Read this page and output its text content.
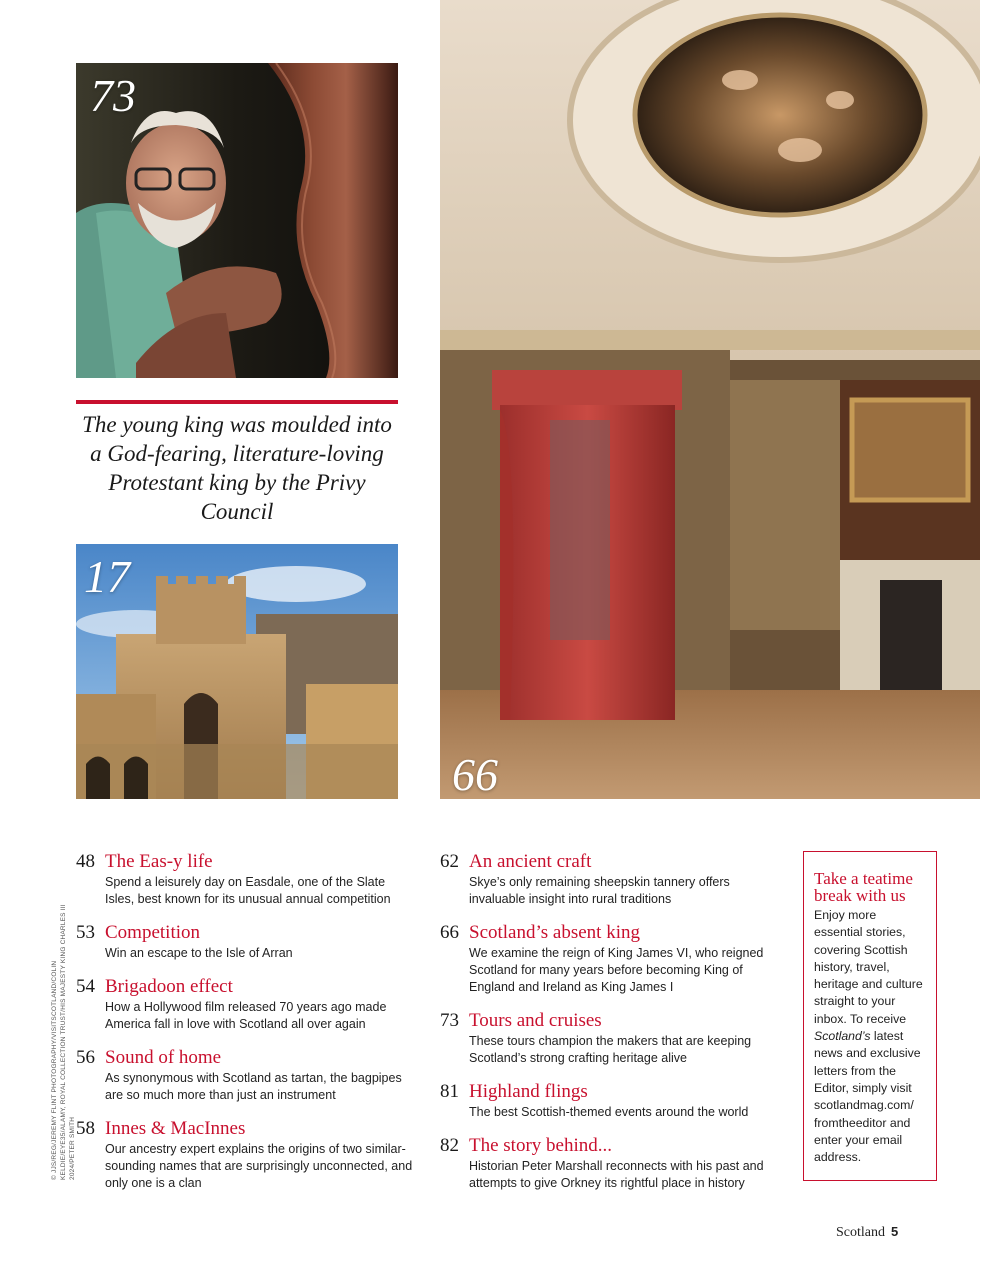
73
The young king was moulded into a God-fearing, literature-loving Protestant king by the Privy Council
17
66
© JJS/REG/JEREMY FLINT PHOTOGRAPHY/VISITSCOTLAND/COLIN KELDIE/EYE35/ALAMY, ROYAL COLLECTION TRUST/HIS MAJESTY KING CHARLES III 2024/PETER SMITH
48 The Eas-y life
Spend a leisurely day on Easdale, one of the Slate Isles, best known for its unusual annual competition
53 Competition
Win an escape to the Isle of Arran
54 Brigadoon effect
How a Hollywood film released 70 years ago made America fall in love with Scotland all over again
56 Sound of home
As synonymous with Scotland as tartan, the bagpipes are so much more than just an instrument
58 Innes & MacInnes
Our ancestry expert explains the origins of two similar-sounding names that are surprisingly unconnected, and only one is a clan
62 An ancient craft
Skye’s only remaining sheepskin tannery offers invaluable insight into rural traditions
66 Scotland’s absent king
We examine the reign of King James VI, who reigned Scotland for many years before becoming King of England and Ireland as King James I
73 Tours and cruises
These tours champion the makers that are keeping Scotland’s strong crafting heritage alive
81 Highland flings
The best Scottish-themed events around the world
82 The story behind...
Historian Peter Marshall reconnects with his past and attempts to give Orkney its rightful place in history
Take a teatime break with us
Enjoy more essential stories, covering Scottish history, travel, heritage and culture straight to your inbox. To receive Scotland’s latest news and exclusive letters from the Editor, simply visit scotlandmag.com/ fromtheeditor and enter your email address.
Scotland 5
